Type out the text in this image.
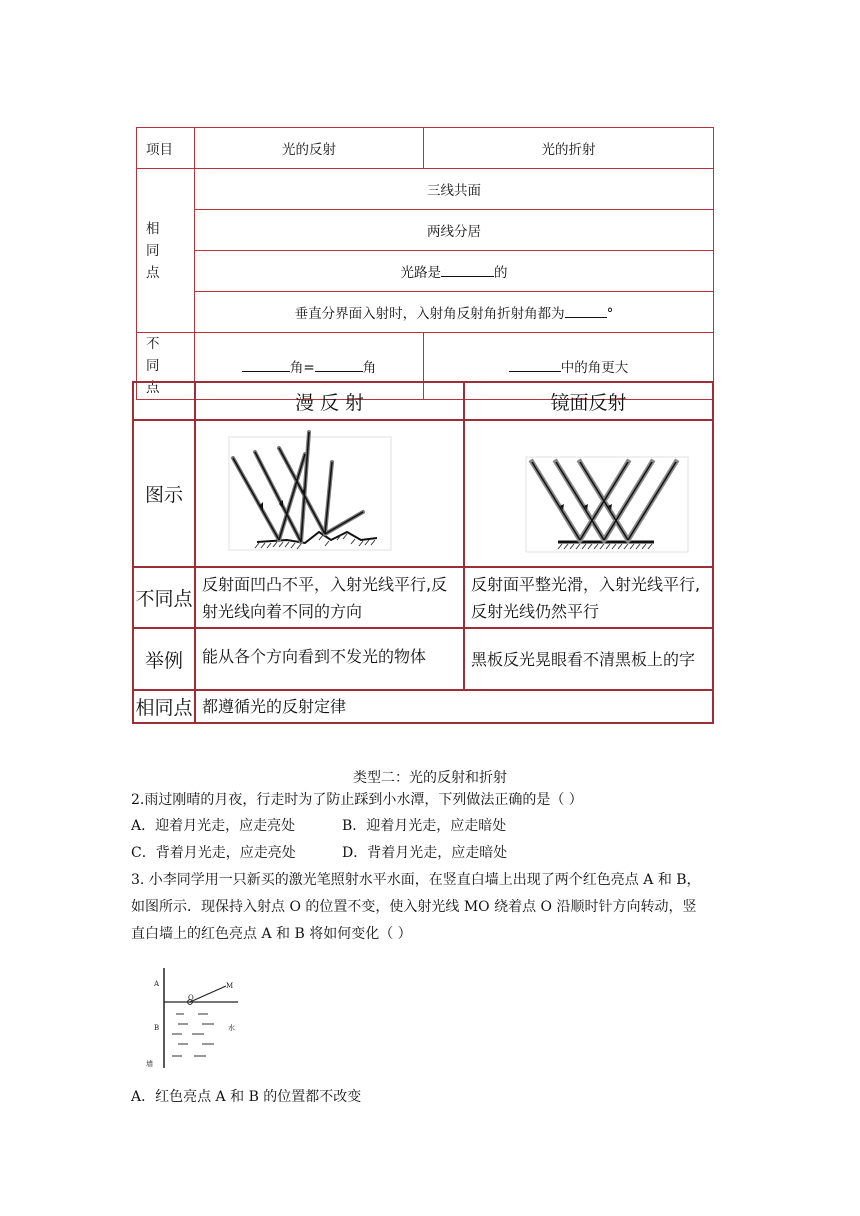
项目	光的反射	光的折射

相同点	三线共面	
	两线分居	
	光路是 的	
	垂直分界面入射时，入射角反射角折射角都为 °	

不同点	角= 角	中的角更大
	漫 反 射	镜面反射
图示	

不同点	反射面凹凸不平，入射光线平行,反射光线向着不同的方向	反射面平整光滑，入射光线平行,反射光线仍然平行
举例	能从各个方向看到不发光的物体	黑板反光晃眼看不清黑板上的字
相同点	都遵循光的反射定律	
类型二：光的反射和折射
2.雨过刚晴的月夜，行走时为了防止踩到小水潭，下列做法正确的是（ ）
A．迎着月光走，应走亮处	B．迎着月光走，应走暗处
C．背着月光走，应走亮处	D．背着月光走，应走暗处
3. 小李同学用一只新买的激光笔照射水平水面，在竖直白墙上出现了两个红色亮点 A 和 B，
如图所示．现保持入射点 O 的位置不变，使入射光线 MO 绕着点 O 沿顺时针方向转动，竖
直白墙上的红色亮点 A 和 B 将如何变化（ ）
A
B
O
M
水
墙
A．红色亮点 A 和 B 的位置都不改变
